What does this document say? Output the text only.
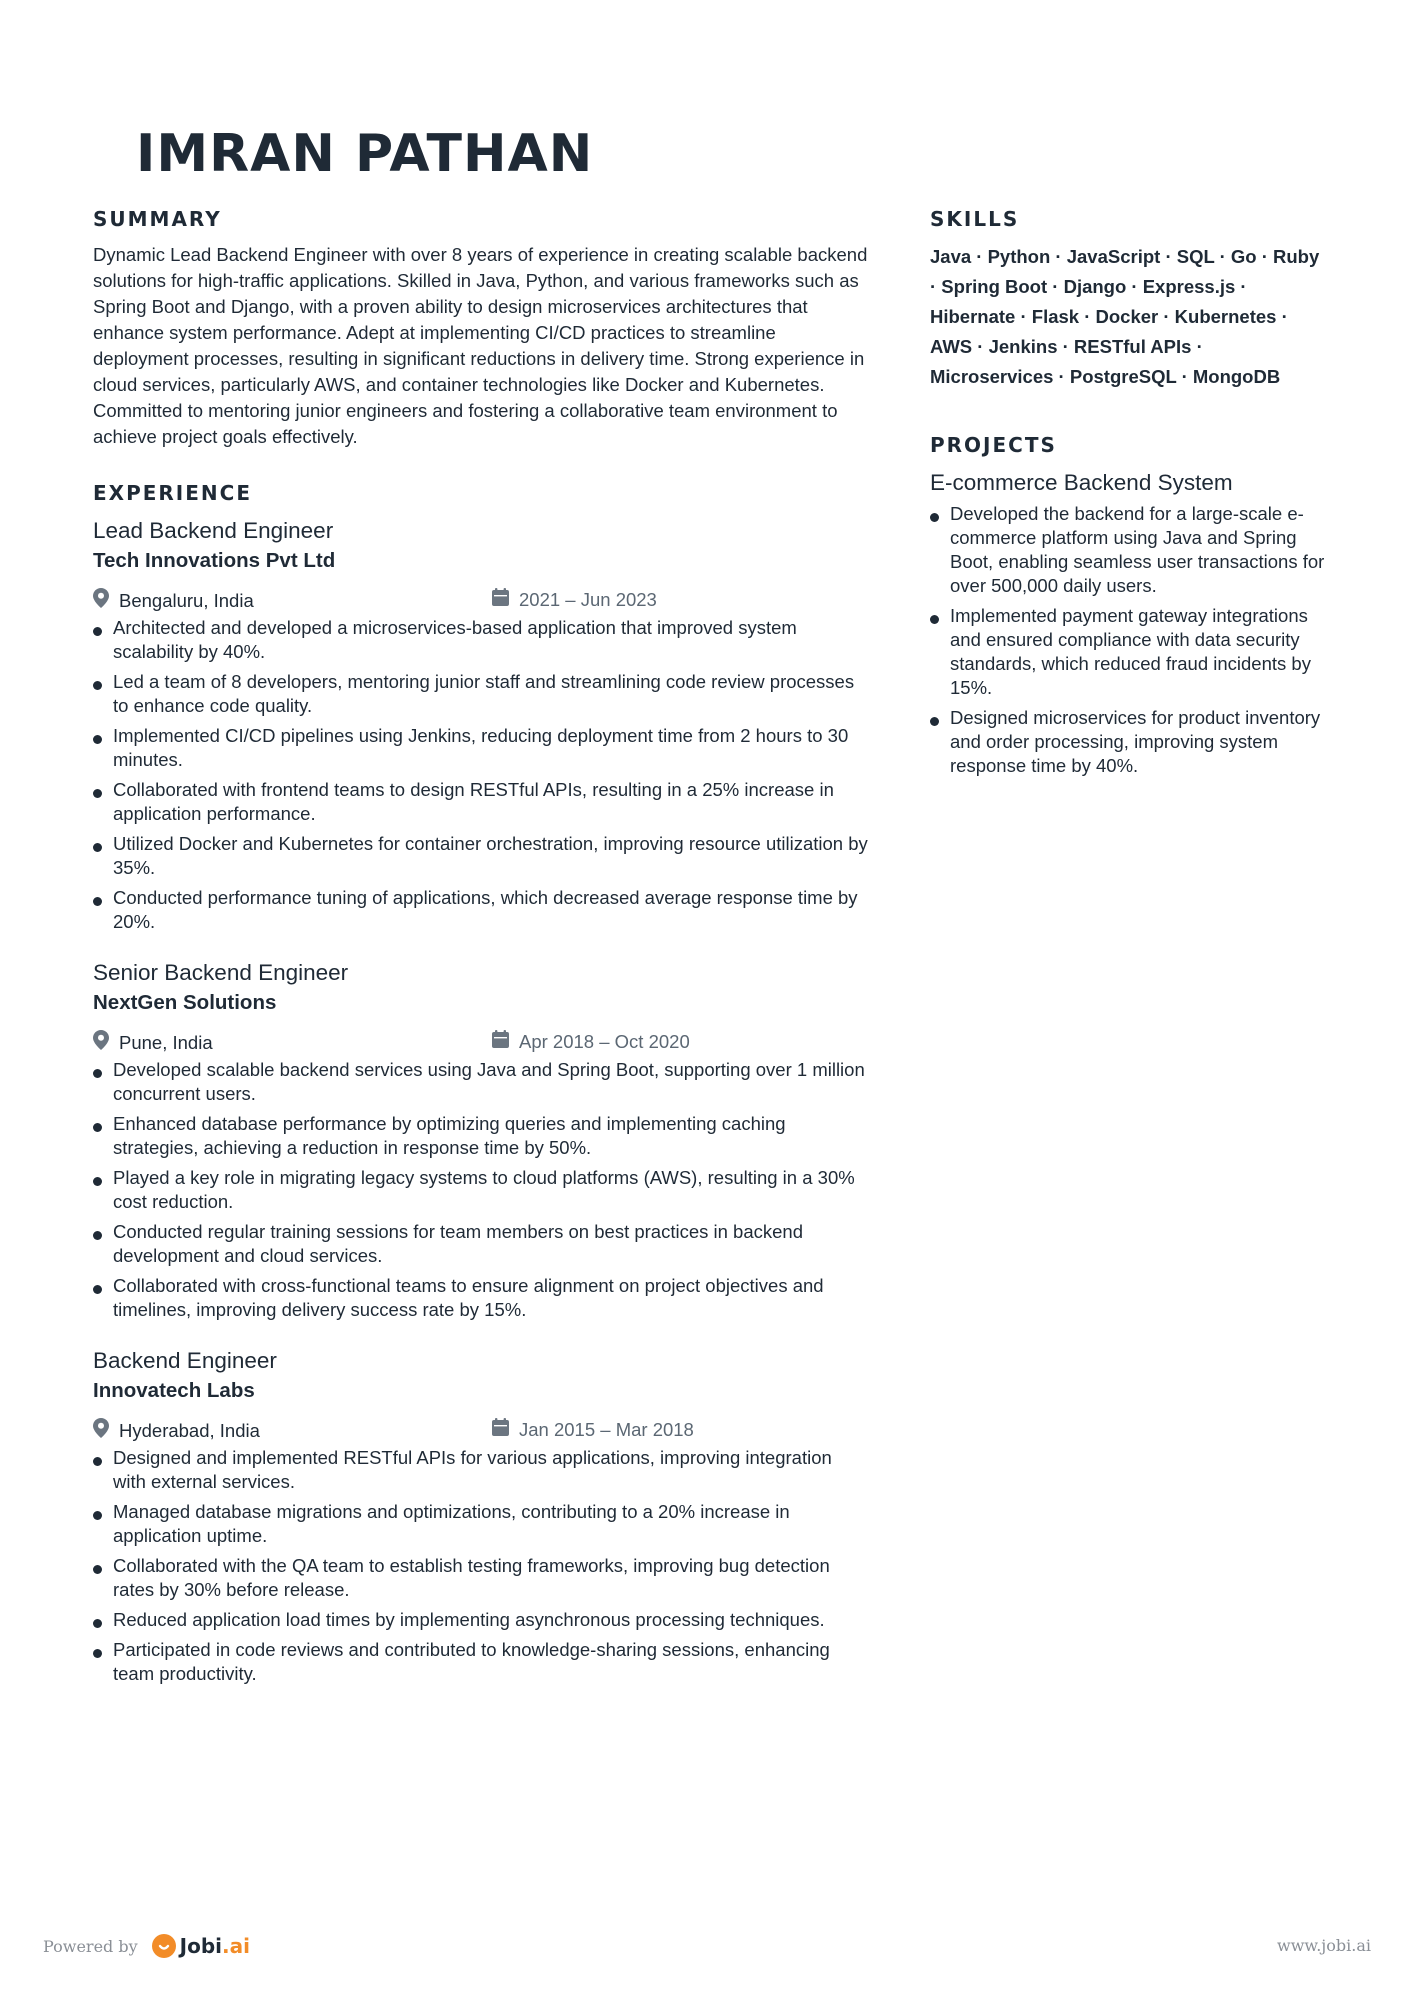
IMRAN PATHAN
SUMMARY

Dynamic Lead Backend Engineer with over 8 years of experience in creating scalable backend solutions for high-traffic applications. Skilled in Java, Python, and various frameworks such as Spring Boot and Django, with a proven ability to design microservices architectures that enhance system performance. Adept at implementing CI/CD practices to streamline deployment processes, resulting in significant reductions in delivery time. Strong experience in cloud services, particularly AWS, and container technologies like Docker and Kubernetes. Committed to mentoring junior engineers and fostering a collaborative team environment to achieve project goals effectively.

EXPERIENCE
Lead Backend Engineer
Tech Innovations Pvt Ltd
Bengaluru, India	2021 – Jun 2023
Architected and developed a microservices-based application that improved system scalability by 40%.
Led a team of 8 developers, mentoring junior staff and streamlining code review processes to enhance code quality.
Implemented CI/CD pipelines using Jenkins, reducing deployment time from 2 hours to 30 minutes.
Collaborated with frontend teams to design RESTful APIs, resulting in a 25% increase in application performance.
Utilized Docker and Kubernetes for container orchestration, improving resource utilization by 35%.
Conducted performance tuning of applications, which decreased average response time by 20%.
Senior Backend Engineer
NextGen Solutions
Pune, India	Apr 2018 – Oct 2020
Developed scalable backend services using Java and Spring Boot, supporting over 1 million concurrent users.
Enhanced database performance by optimizing queries and implementing caching strategies, achieving a reduction in response time by 50%.
Played a key role in migrating legacy systems to cloud platforms (AWS), resulting in a 30% cost reduction.
Conducted regular training sessions for team members on best practices in backend development and cloud services.
Collaborated with cross-functional teams to ensure alignment on project objectives and timelines, improving delivery success rate by 15%.
Backend Engineer
Innovatech Labs
Hyderabad, India	Jan 2015 – Mar 2018
Designed and implemented RESTful APIs for various applications, improving integration with external services.
Managed database migrations and optimizations, contributing to a 20% increase in application uptime.
Collaborated with the QA team to establish testing frameworks, improving bug detection rates by 30% before release.
Reduced application load times by implementing asynchronous processing techniques.
Participated in code reviews and contributed to knowledge-sharing sessions, enhancing team productivity.
SKILLS

Java · Python · JavaScript · SQL · Go · Ruby · Spring Boot · Django · Express.js · Hibernate · Flask · Docker · Kubernetes · AWS · Jenkins · RESTful APIs · Microservices · PostgreSQL · MongoDB

PROJECTS
E-commerce Backend System
Developed the backend for a large-scale e-commerce platform using Java and Spring Boot, enabling seamless user transactions for over 500,000 daily users.
Implemented payment gateway integrations and ensured compliance with data security standards, which reduced fraud incidents by 15%.
Designed microservices for product inventory and order processing, improving system response time by 40%.
Powered by Jobi.ai	www.jobi.ai
